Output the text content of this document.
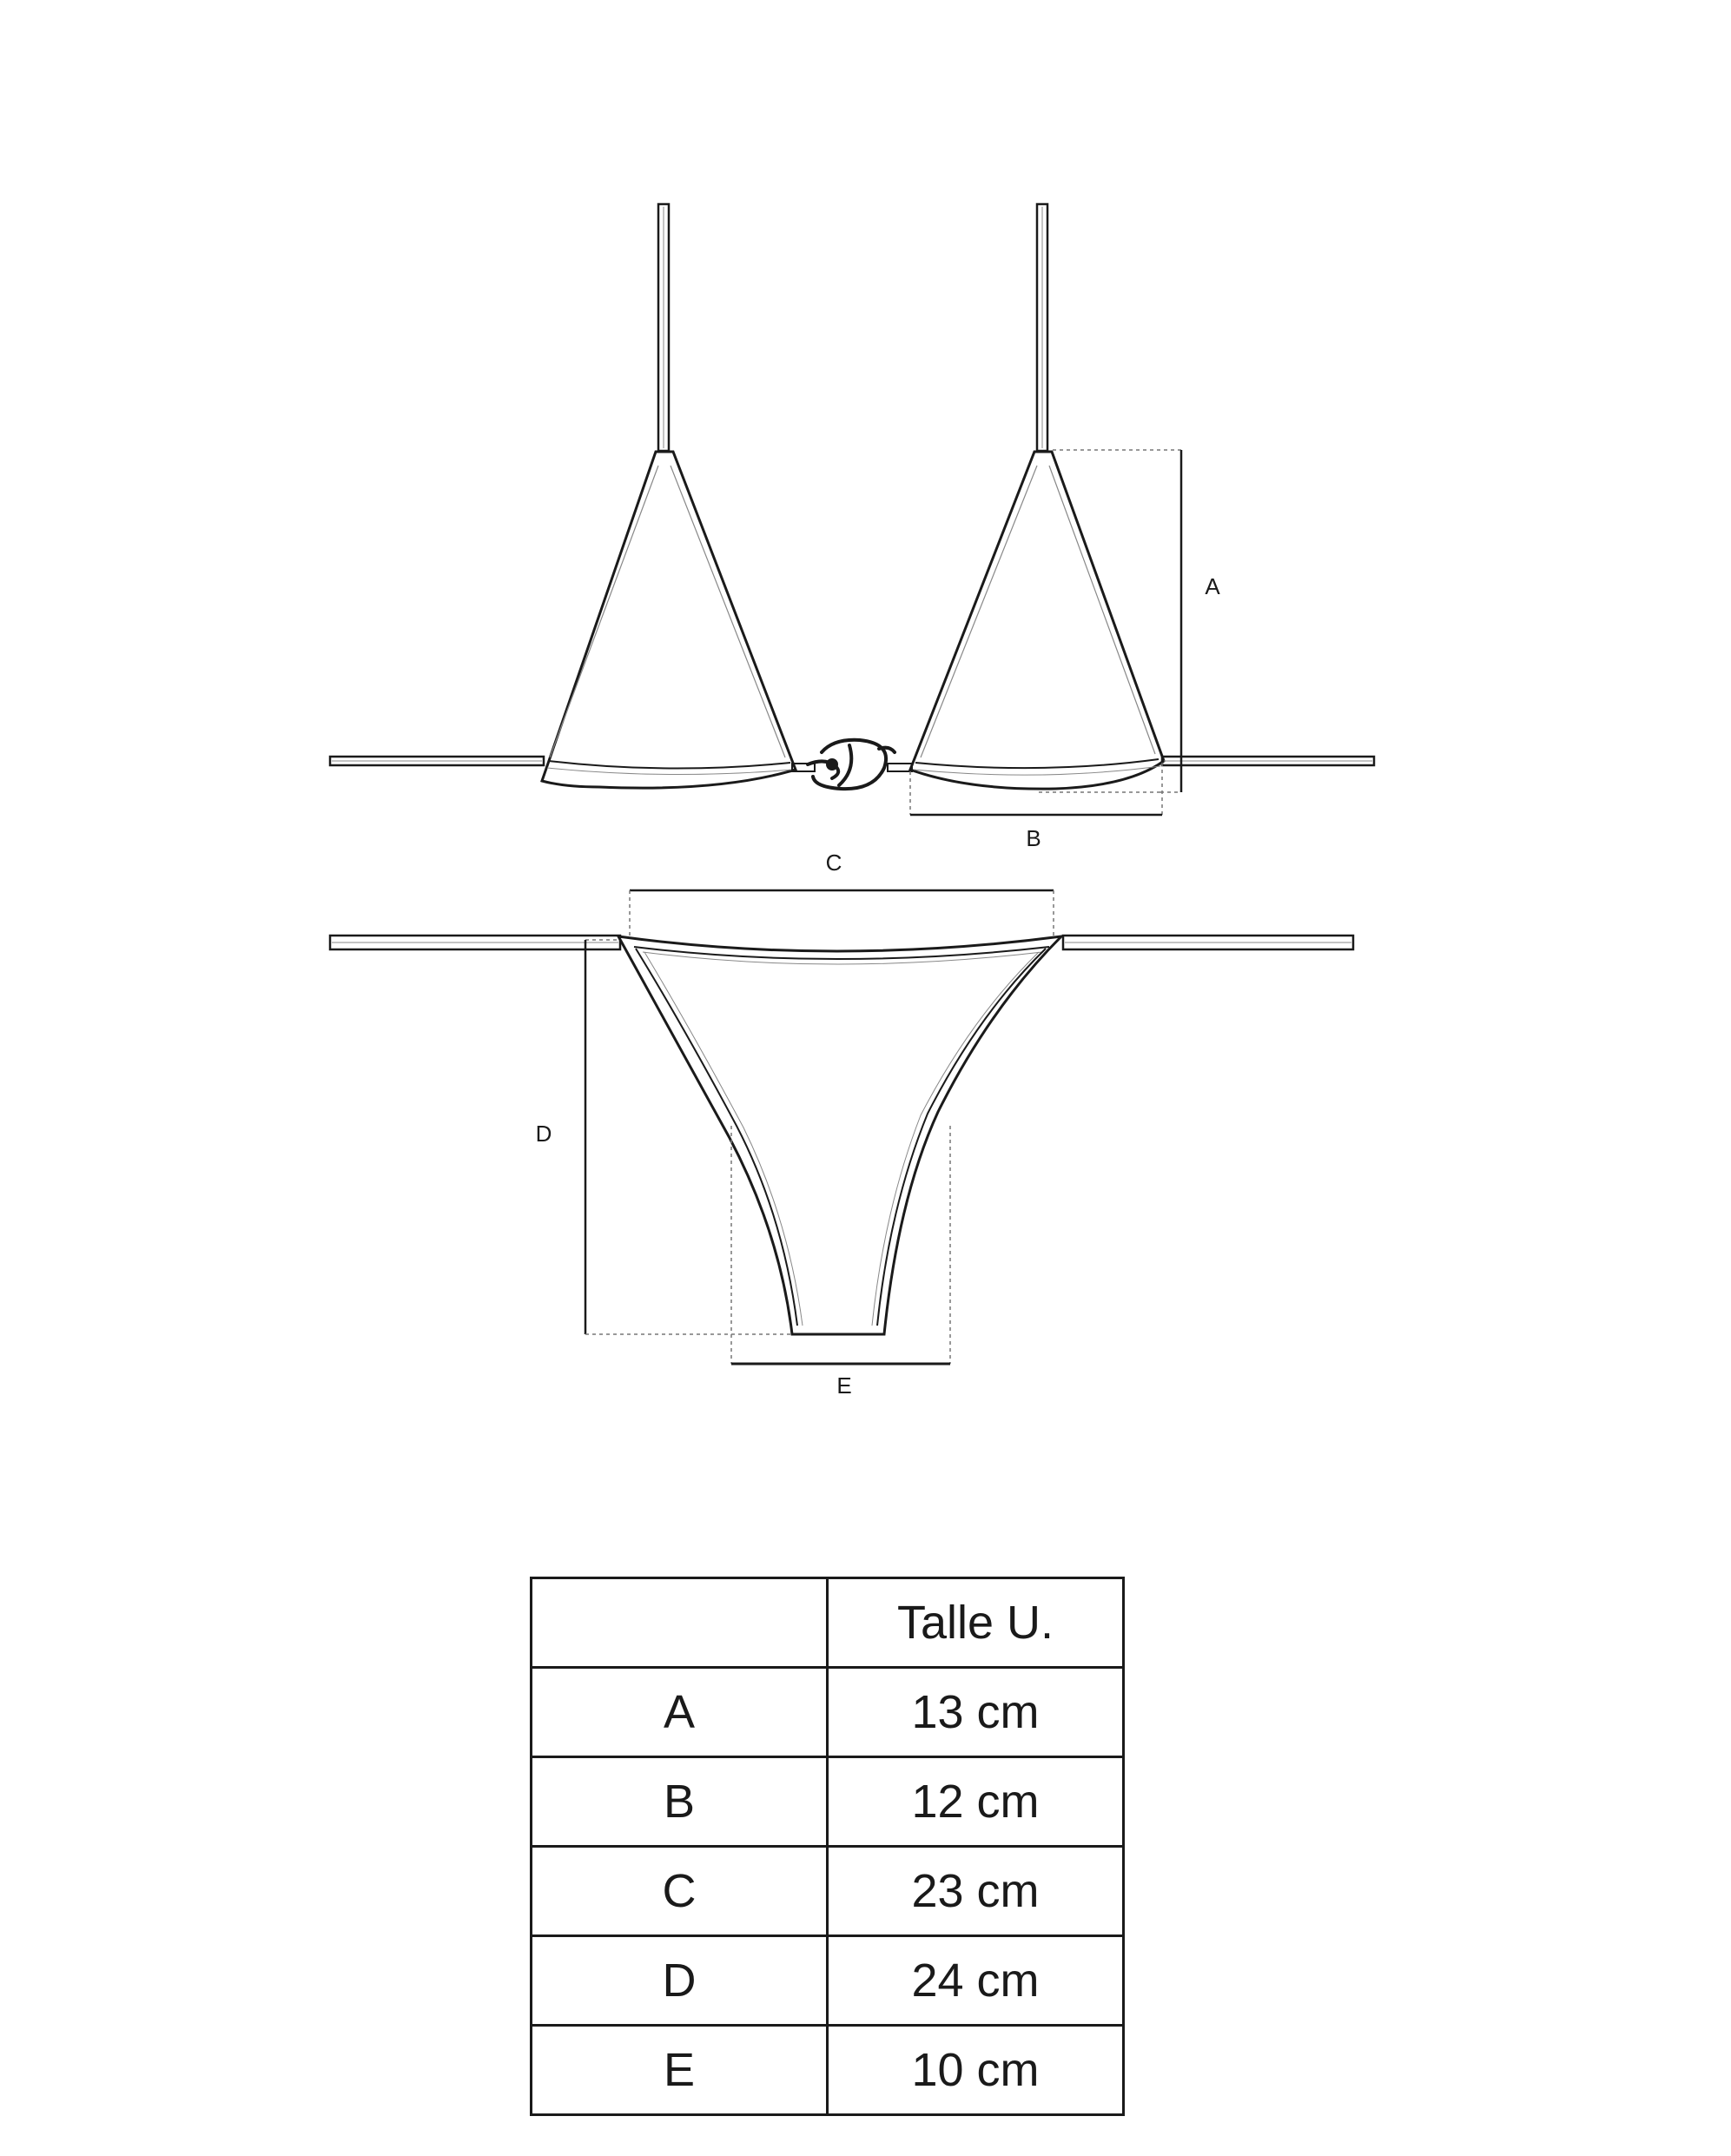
A
B
C
D
E
	Talle U.
A	13 cm
B	12 cm
C	23 cm
D	24 cm
E	10 cm
